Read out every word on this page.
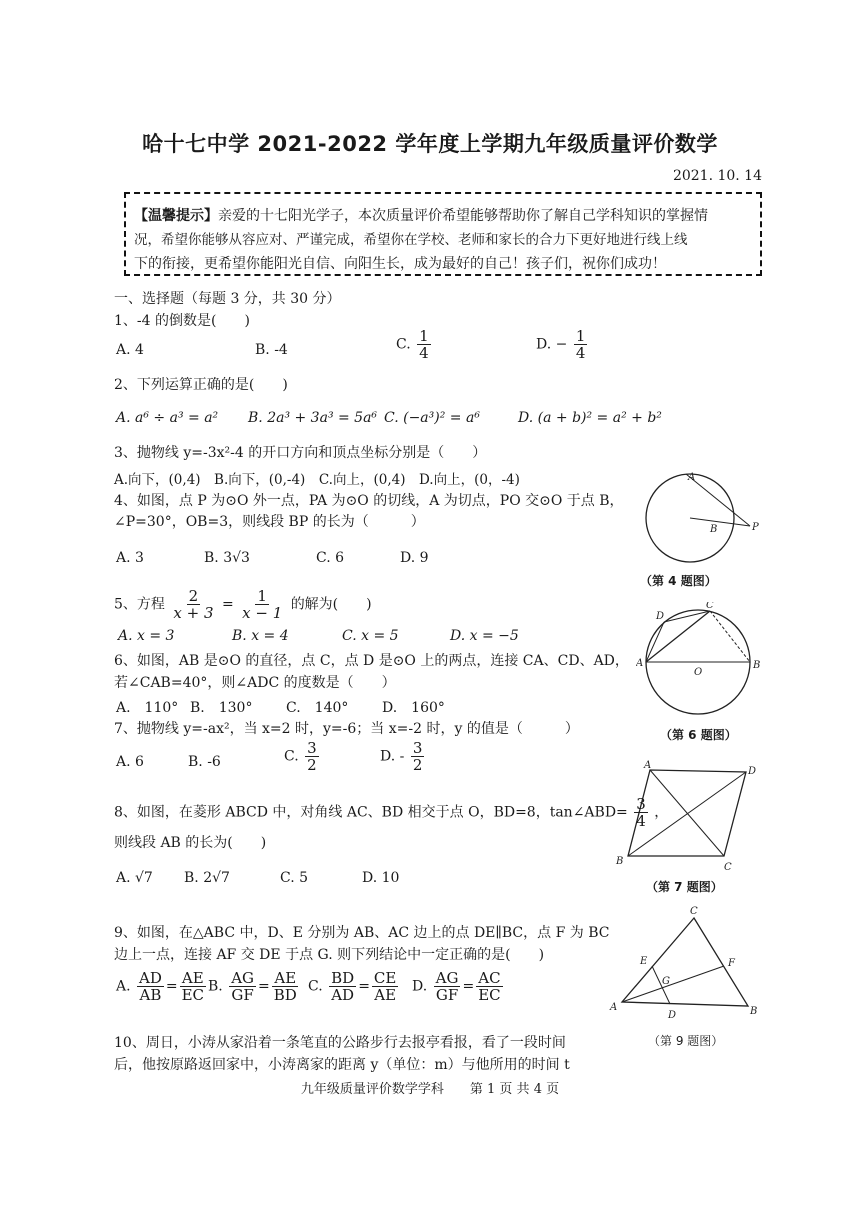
哈十七中学 2021-2022 学年度上学期九年级质量评价数学
2021. 10. 14
【温馨提示】亲爱的十七阳光学子，本次质量评价希望能够帮助你了解自己学科知识的掌握情
况，希望你能够从容应对、严谨完成，希望你在学校、老师和家长的合力下更好地进行线上线
下的衔接，更希望你能阳光自信、向阳生长，成为最好的自己！孩子们，祝你们成功！
一、选择题（每题 3 分，共 30 分）
1、-4 的倒数是(　　)
A. 4	B. -4	C. $\frac{1}{4}$	D. − $\frac{1}{4}$
2、下列运算正确的是(　　)
A. a⁶ ÷ a³ = a² B. 2a³ + 3a³ = 5a⁶ C. (−a³)² = a⁶	D. (a + b)² = a² + b²
3、抛物线 y=-3x²-4 的开口方向和顶点坐标分别是（　　）
A.向下，(0,4)　B.向下，(0,-4)　C.向上，(0,4)　D.向上，(0，-4)
4、如图，点 P 为⊙O 外一点，PA 为⊙O 的切线，A 为切点，PO 交⊙O 于点 B，
∠P=30°，OB=3，则线段 BP 的长为（　　　）
A. 3	B. 3√3	C. 6	D. 9
A
B	P
（第 4 题图）
5、方程 $\frac{2}{x + 3} = \frac{1}{x - 1}$ 的解为(　　)
A. x = 3	B. x = 4	C. x = 5	D. x = −5
6、如图，AB 是⊙O 的直径，点 C，点 D 是⊙O 上的两点，连接 CA、CD、AD，
若∠CAB=40°，则∠ADC 的度数是（　　）
A.　110° B.　130° C.　140° D.　160°
A	B
C
D
O
（第 6 题图）
7、抛物线 y=-ax²，当 x=2 时，y=-6；当 x=-2 时，y 的值是（　　　）
A. 6	B. -6	C. $\frac{3}{2}$	D. - $\frac{3}{2}$	A
D
B
C
（第 7 题图）
8、如图，在菱形 ABCD 中，对角线 AC、BD 相交于点 O，BD=8，tan∠ABD= $\frac{3}{4}$ ，
则线段 AB 的长为(　　)
A. √7 B. 2√7	C. 5	D. 10
9、如图，在△ABC 中，D、E 分别为 AB、AC 边上的点 DE∥BC，点 F 为 BC
边上一点，连接 AF 交 DE 于点 G. 则下列结论中一定正确的是(　　)
A. $\frac{AD}{AB} = \frac{AE}{EC} B$. $\frac{AG}{GF} = \frac{AE}{BD} C$. $\frac{BD}{AD} = \frac{CE}{AE} D$. $\frac{AG}{GF} = \frac{AC}{EC}$
C
E
G
F
A
D	B
（第 9 题图）
10、周日，小涛从家沿着一条笔直的公路步行去报亭看报，看了一段时间
后，他按原路返回家中，小涛离家的距离 y（单位：m）与他所用的时间 t
九年级质量评价数学学科　　第 1 页 共 4 页
